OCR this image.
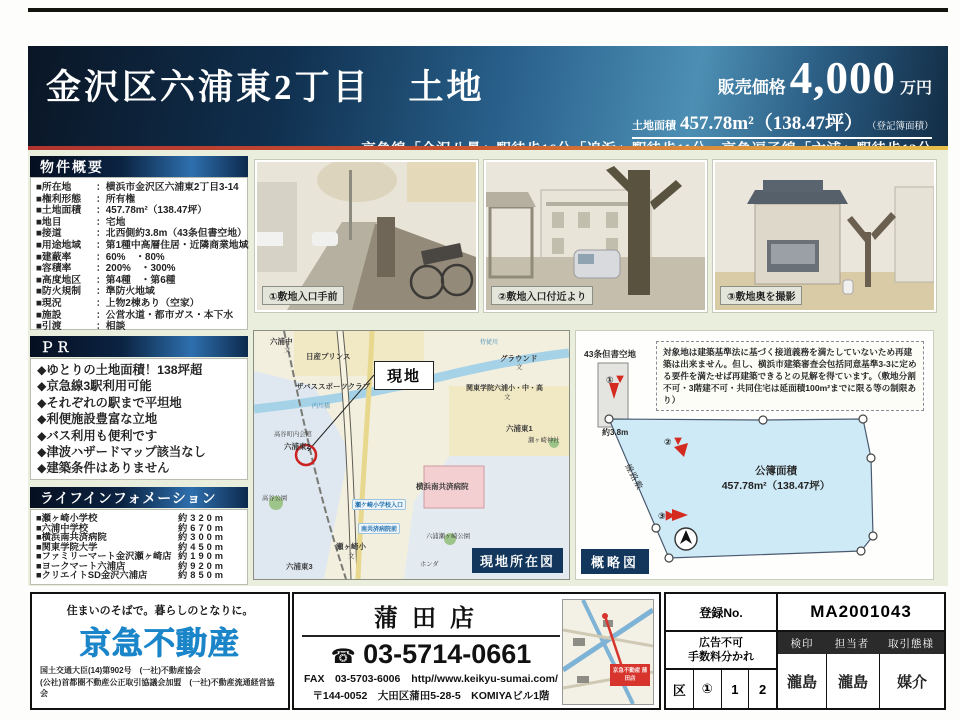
金沢区六浦東2丁目　土地	販売価格 4,000 万円
土地面積 457.78m²（138.47坪） （登記簿面積）
物件概要
■所在地	：横浜市金沢区六浦東2丁目3-14
■権利形態	：所有権
■土地面積	：457.78m²（138.47坪）
■地目	：宅地
■接道	：北西側約3.8m（43条但書空地）
■用途地域	：第1種中高層住居・近隣商業地域
■建蔽率	：60%　・80%
■容積率	：200%　・300%
■高度地区	：第4種　・第6種
■防火規制	：準防火地域
■現況	：上物2棟あり（空家）
■施設	：公営水道・都市ガス・本下水
■引渡	：相談
ＰＲ
◆ゆとりの土地面積！138坪超
◆京急線3駅利用可能
◆それぞれの駅まで平坦地
◆利便施設豊富な立地
◆バス利用も便利です
◆津波ハザードマップ該当なし
◆建築条件はありません
ライフインフォメーション
■瀬ヶ崎小学校	約320m
■六浦中学校	約670m
■横浜南共済病院	約300m
■関東学院大学	約450m
■ファミリーマート金沢瀬ヶ崎店 約190m
■ヨークマート六浦店	約920m
■クリエイトSD金沢六浦店	約850m
①敷地入口手前	②敷地入口付近より	③敷地奥を撮影
六浦中
文
日産プリンス
ザバススポーツクラブ
グラウンド
文
関東学院六浦小・中・高
文
六浦東1
瀬ヶ崎神社
高谷町内会館
六浦東2
横浜南共済病院
高谷公園
六浦瀬ヶ崎公園
瀬ヶ崎小
文
六浦東3	ホンダ
侍従川
瀬ケ崎小学校入口
南共済病院前
内川橋
現地
現地所在図
対象地は建築基準法に基づく接道義務を満たしていないため再建築は出来ません。但し、横浜市建築審査会包括同意基準3-3に定める要件を満たせば再建築できるとの見解を得ています。（敷地分割不可・3階建不可・共同住宅は延面積100m²までに限る等の制限あり）
43条但書空地
①▼
約3.8m
②▼
③▶
線路敷	公簿面積
457.78m²（138.47坪）
概略図
住まいのそばで。暮らしのとなりに。
京急不動産
国土交通大臣(14)第902号　(一社)不動産協会
(公社)首都圏不動産公正取引協議会加盟　(一社)不動産流通経営協会
蒲田店
☎ 03-5714-0661
FAX　03-5703-6006 http//www.keikyu-sumai.com/
〒144-0052　大田区蒲田5-28-5　KOMIYAビル1階
京急不動産 蒲田店
登録No.	MA2001043
広告不可
手数料分かれ
区	①	1	2
検印	担当者	取引態様
瀧島	瀧島	媒介
